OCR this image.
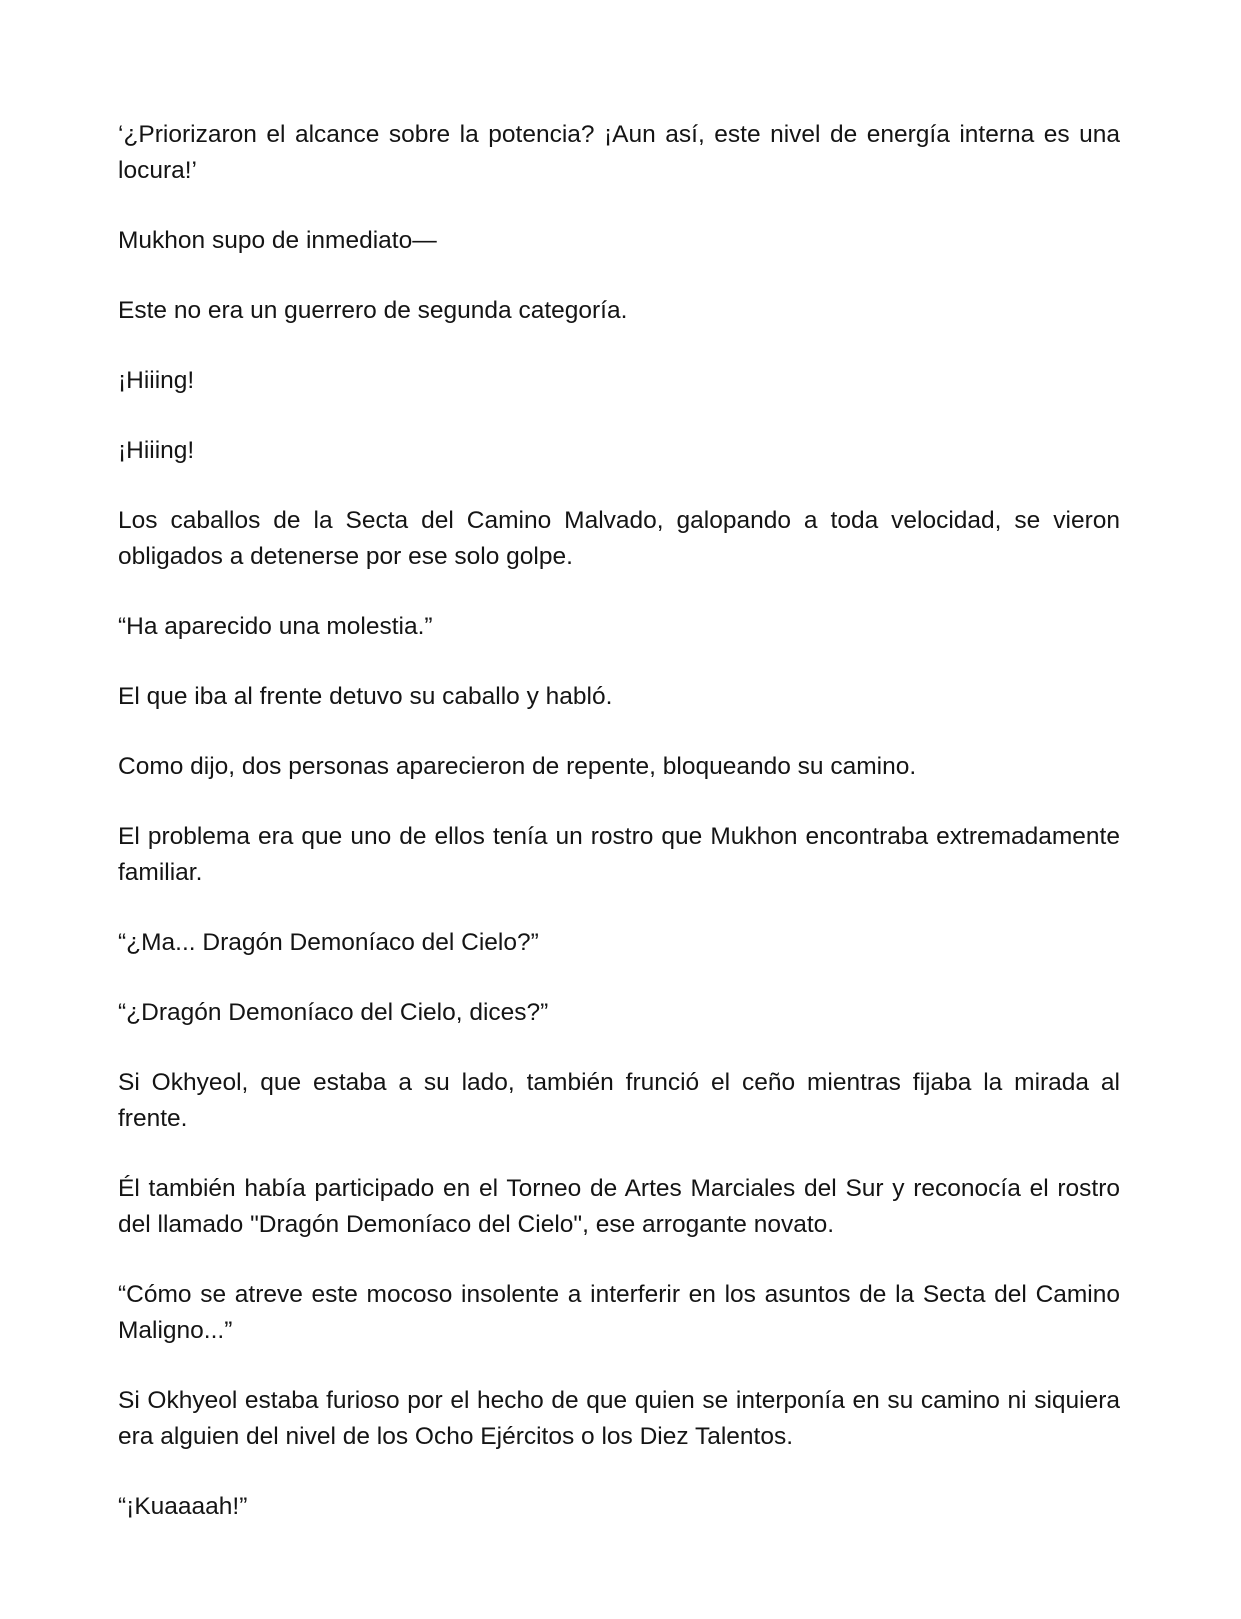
‘¿Priorizaron el alcance sobre la potencia? ¡Aun así, este nivel de energía interna es una locura!’

Mukhon supo de inmediato—

Este no era un guerrero de segunda categoría.

¡Hiiing!

¡Hiiing!

Los caballos de la Secta del Camino Malvado, galopando a toda velocidad, se vieron obligados a detenerse por ese solo golpe.

“Ha aparecido una molestia.”

El que iba al frente detuvo su caballo y habló.

Como dijo, dos personas aparecieron de repente, bloqueando su camino.

El problema era que uno de ellos tenía un rostro que Mukhon encontraba extremadamente familiar.

“¿Ma... Dragón Demoníaco del Cielo?”

“¿Dragón Demoníaco del Cielo, dices?”

Si Okhyeol, que estaba a su lado, también frunció el ceño mientras fijaba la mirada al frente.

Él también había participado en el Torneo de Artes Marciales del Sur y reconocía el rostro del llamado "Dragón Demoníaco del Cielo", ese arrogante novato.

“Cómo se atreve este mocoso insolente a interferir en los asuntos de la Secta del Camino Maligno...”

Si Okhyeol estaba furioso por el hecho de que quien se interponía en su camino ni siquiera era alguien del nivel de los Ocho Ejércitos o los Diez Talentos.

“¡Kuaaaah!”
